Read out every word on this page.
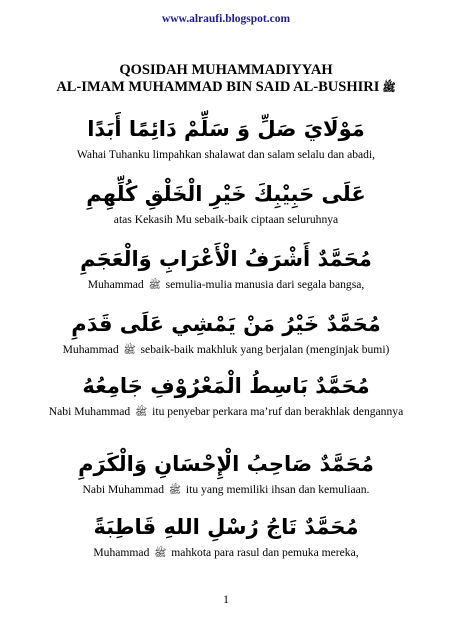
www.alraufi.blogspot.com
QOSIDAH MUHAMMADIYYAH
AL-IMAM MUHAMMAD BIN SAID AL-BUSHIRI ﷺ
مَوْلَايَ صَلِّ وَ سَلِّمْ دَائِمًا أَبَدًا
Wahai Tuhanku limpahkan shalawat dan salam selalu dan abadi,
عَلَى حَبِيْبِكَ خَيْرِ الْخَلْقِ كُلِّهِمِ
atas Kekasih Mu sebaik-baik ciptaan seluruhnya
مُحَمَّدٌ أَشْرَفُ الْأَعْرَابِ وَالْعَجَمِ
Muhammad ﷺ semulia-mulia manusia dari segala bangsa,
مُحَمَّدٌ خَيْرُ مَنْ يَمْشِي عَلَى قَدَمِ
Muhammad ﷺ sebaik-baik makhluk yang berjalan (menginjak bumi)
مُحَمَّدٌ بَاسِطُ الْمَعْرُوْفِ جَامِعُهُ
Nabi Muhammad ﷺ itu penyebar perkara ma’ruf dan berakhlak dengannya
مُحَمَّدٌ صَاحِبُ الْإِحْسَانِ وَالْكَرَمِ
Nabi Muhammad ﷺ itu yang memiliki ihsan dan kemuliaan.
مُحَمَّدٌ تَاجُ رُسْلِ اللهِ قَاطِبَةً
Muhammad ﷺ mahkota para rasul dan pemuka mereka,
1
